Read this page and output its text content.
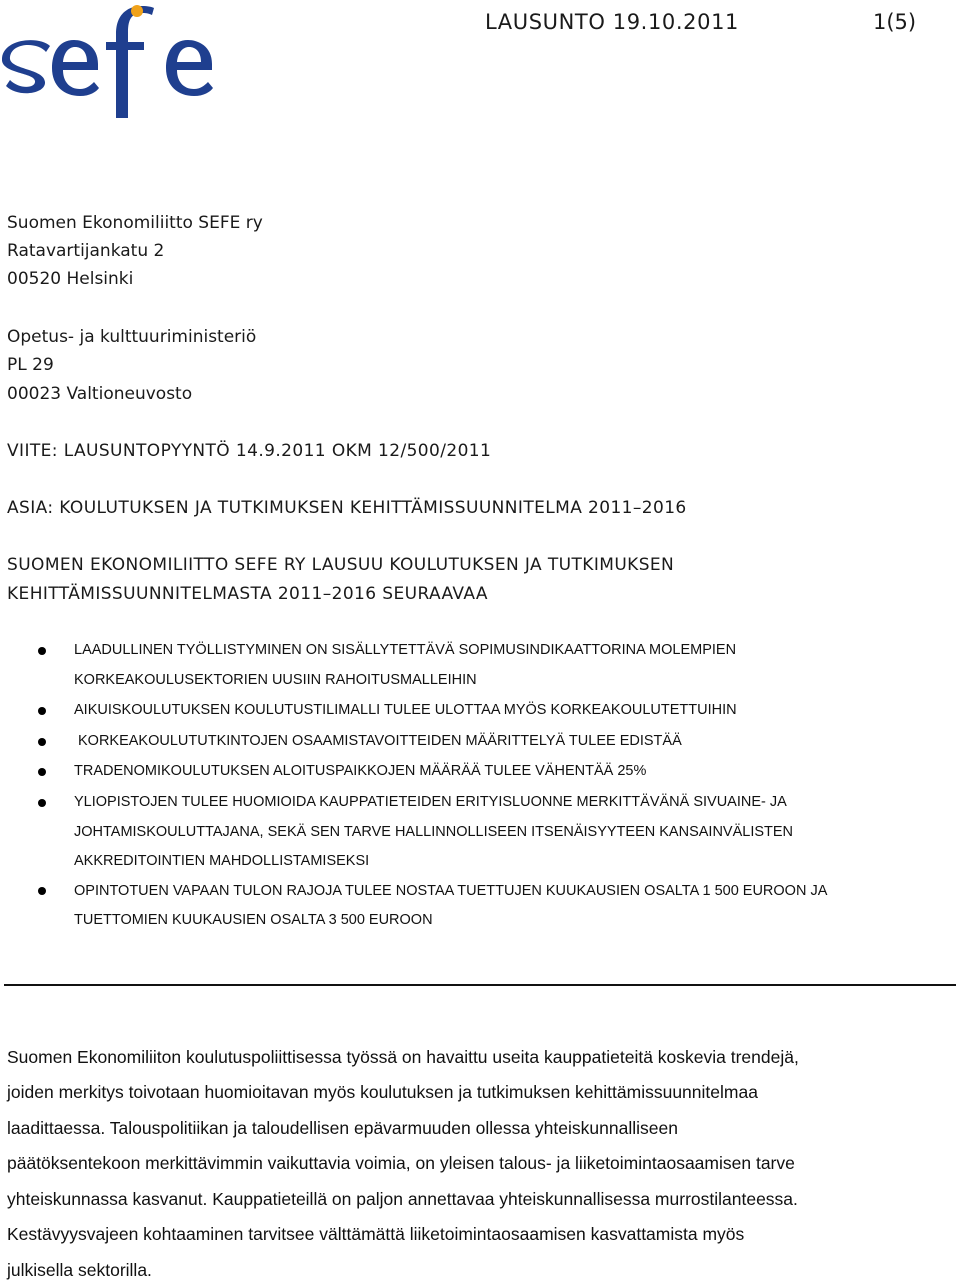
LAUSUNTO 19.10.2011	1(5)
Suomen Ekonomiliitto SEFE ry
Ratavartijankatu 2
00520 Helsinki
Opetus- ja kulttuuriministeriö
PL 29
00023 Valtioneuvosto
VIITE: LAUSUNTOPYYNTÖ 14.9.2011 OKM 12/500/2011
ASIA: KOULUTUKSEN JA TUTKIMUKSEN KEHITTÄMISSUUNNITELMA 2011–2016
SUOMEN EKONOMILIITTO SEFE RY LAUSUU KOULUTUKSEN JA TUTKIMUKSEN
KEHITTÄMISSUUNNITELMASTA 2011–2016 SEURAAVAA
LAADULLINEN TYÖLLISTYMINEN ON SISÄLLYTETTÄVÄ SOPIMUSINDIKAATTORINA MOLEMPIEN
KORKEAKOULUSEKTORIEN UUSIIN RAHOITUSMALLEIHIN
AIKUISKOULUTUKSEN KOULUTUSTILIMALLI TULEE ULOTTAA MYÖS KORKEAKOULUTETTUIHIN
KORKEAKOULUTUTKINTOJEN OSAAMISTAVOITTEIDEN MÄÄRITTELYÄ TULEE EDISTÄÄ
TRADENOMIKOULUTUKSEN ALOITUSPAIKKOJEN MÄÄRÄÄ TULEE VÄHENTÄÄ 25%
YLIOPISTOJEN TULEE HUOMIOIDA KAUPPATIETEIDEN ERITYISLUONNE MERKITTÄVÄNÄ SIVUAINE- JA
JOHTAMISKOULUTTAJANA, SEKÄ SEN TARVE HALLINNOLLISEEN ITSENÄISYYTEEN KANSAINVÄLISTEN
AKKREDITOINTIEN MAHDOLLISTAMISEKSI
OPINTOTUEN VAPAAN TULON RAJOJA TULEE NOSTAA TUETTUJEN KUUKAUSIEN OSALTA 1 500 EUROON JA
TUETTOMIEN KUUKAUSIEN OSALTA 3 500 EUROON
Suomen Ekonomiliiton koulutuspoliittisessa työssä on havaittu useita kauppatieteitä koskevia trendejä,
joiden merkitys toivotaan huomioitavan myös koulutuksen ja tutkimuksen kehittämissuunnitelmaa
laadittaessa. Talouspolitiikan ja taloudellisen epävarmuuden ollessa yhteiskunnalliseen
päätöksentekoon merkittävimmin vaikuttavia voimia, on yleisen talous- ja liiketoimintaosaamisen tarve
yhteiskunnassa kasvanut. Kauppatieteillä on paljon annettavaa yhteiskunnallisessa murrostilanteessa.
Kestävyysvajeen kohtaaminen tarvitsee välttämättä liiketoimintaosaamisen kasvattamista myös
julkisella sektorilla.
